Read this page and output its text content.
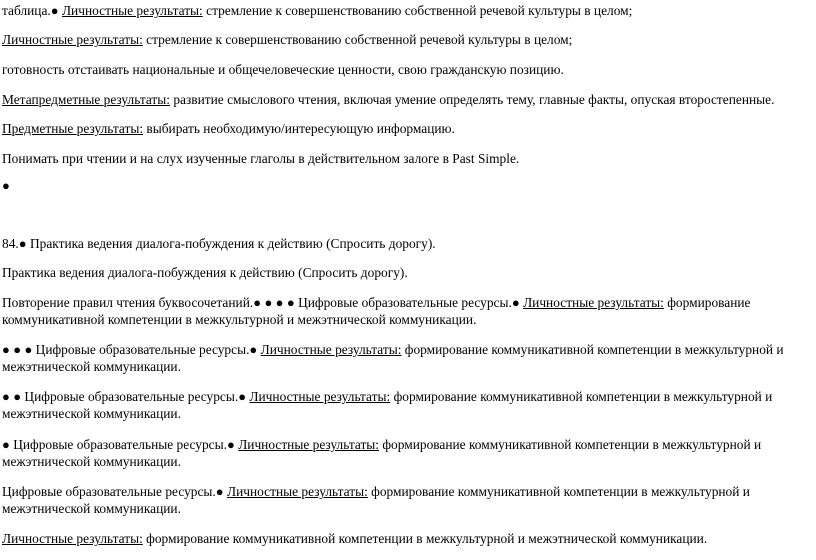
таблица.● Личностные результаты: стремление к совершенствованию собственной речевой культуры в целом;

Личностные результаты: стремление к совершенствованию собственной речевой культуры в целом;

готовность отстаивать национальные и общечеловеческие ценности, свою гражданскую позицию.

Метапредметные результаты: развитие смыслового чтения, включая умение определять тему, главные факты, опуская второстепенные.

Предметные результаты: выбирать необходимую/интересующую информацию.

Понимать при чтении и на слух изученные глаголы в действительном залоге в Past Simple.

●

84.● Практика ведения диалога-побуждения к действию (Спросить дорогу).

Практика ведения диалога-побуждения к действию (Спросить дорогу).

Повторение правил чтения буквосочетаний.● ● ● ● Цифровые образовательные ресурсы.● Личностные результаты: формирование коммуникативной компетенции в межкультурной и межэтнической коммуникации.

● ● ● Цифровые образовательные ресурсы.● Личностные результаты: формирование коммуникативной компетенции в межкультурной и межэтнической коммуникации.

● ● Цифровые образовательные ресурсы.● Личностные результаты: формирование коммуникативной компетенции в межкультурной и межэтнической коммуникации.

● Цифровые образовательные ресурсы.● Личностные результаты: формирование коммуникативной компетенции в межкультурной и межэтнической коммуникации.

Цифровые образовательные ресурсы.● Личностные результаты: формирование коммуникативной компетенции в межкультурной и межэтнической коммуникации.

Личностные результаты: формирование коммуникативной компетенции в межкультурной и межэтнической коммуникации.
